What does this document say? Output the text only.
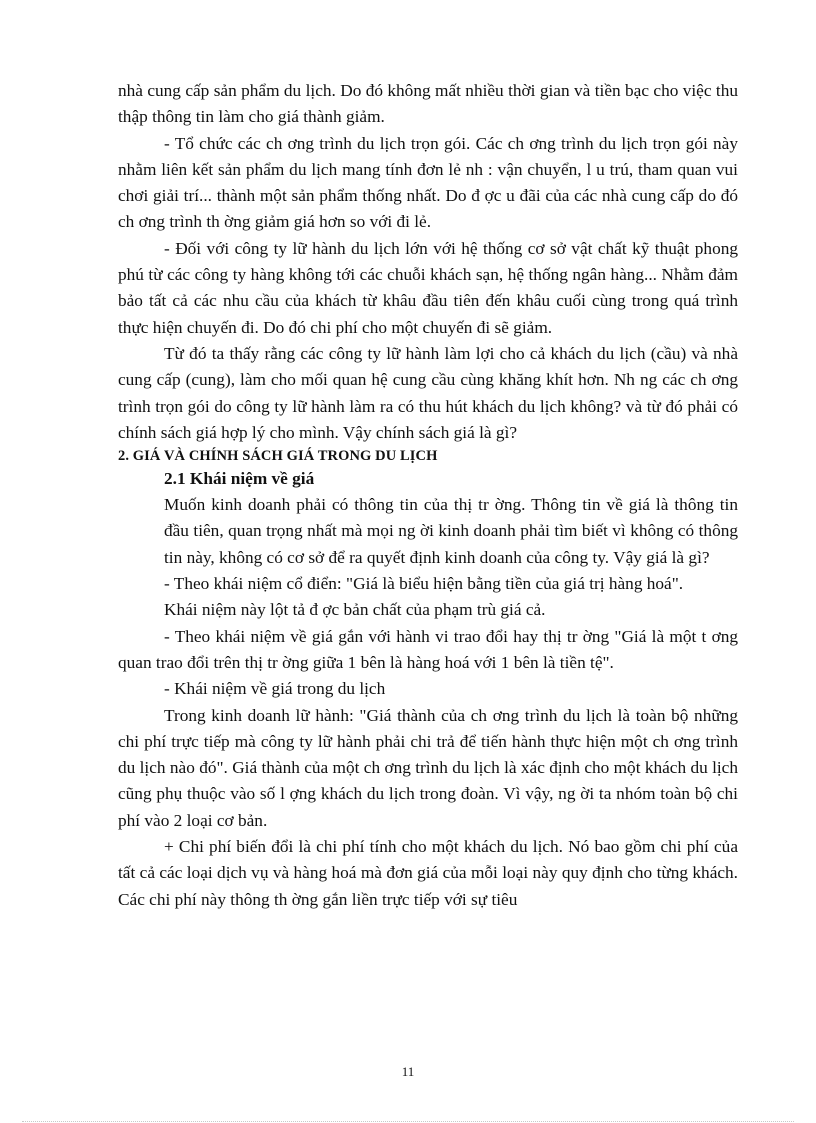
nhà cung cấp sản phẩm du lịch. Do đó không mất nhiều thời gian và tiền bạc cho việc thu thập thông tin làm cho giá thành giảm.

- Tổ chức các ch ơng trình du lịch trọn gói. Các ch ơng trình du lịch trọn gói này nhằm liên kết sản phẩm du lịch mang tính đơn lẻ nh : vận chuyển, l u trú, tham quan vui chơi giải trí... thành một sản phẩm thống nhất. Do đ ợc u đãi của các nhà cung cấp do đó ch ơng trình th ờng giảm giá hơn so với đi lẻ.

- Đối với công ty lữ hành du lịch lớn với hệ thống cơ sở vật chất kỹ thuật phong phú từ các công ty hàng không tới các chuỗi khách sạn, hệ thống ngân hàng... Nhằm đảm bảo tất cả các nhu cầu của khách từ khâu đầu tiên đến khâu cuối cùng trong quá trình thực hiện chuyến đi. Do đó chi phí cho một chuyến đi sẽ giảm.

Từ đó ta thấy rằng các công ty lữ hành làm lợi cho cả khách du lịch (cầu) và nhà cung cấp (cung), làm cho mối quan hệ cung cầu cùng khăng khít hơn. Nh ng các ch ơng trình trọn gói do công ty lữ hành làm ra có thu hút khách du lịch không? và từ đó phải có chính sách giá hợp lý cho mình. Vậy chính sách giá là gì?

2. GIÁ VÀ CHÍNH SÁCH GIÁ TRONG DU LỊCH

2.1 Khái niệm về giá

Muốn kinh doanh phải có thông tin của thị tr ờng. Thông tin về giá là thông tin đầu tiên, quan trọng nhất mà mọi ng ời kinh doanh phải tìm biết vì không có thông tin này, không có cơ sở để ra quyết định kinh doanh của công ty. Vậy giá là gì?

- Theo khái niệm cổ điển: "Giá là biểu hiện bằng tiền của giá trị hàng hoá".

Khái niệm này lột tả đ ợc bản chất của phạm trù giá cả.

- Theo khái niệm về giá gắn với hành vi trao đổi hay thị tr ờng "Giá là một t ơng quan trao đổi trên thị tr ờng giữa 1 bên là hàng hoá với 1 bên là tiền tệ".

- Khái niệm về giá trong du lịch

Trong kinh doanh lữ hành: "Giá thành của ch ơng trình du lịch là toàn bộ những chi phí trực tiếp mà công ty lữ hành phải chi trả để tiến hành thực hiện một ch ơng trình du lịch nào đó". Giá thành của một ch ơng trình du lịch là xác định cho một khách du lịch cũng phụ thuộc vào số l ợng khách du lịch trong đoàn. Vì vậy, ng ời ta nhóm toàn bộ chi phí vào 2 loại cơ bản.

+ Chi phí biến đổi là chi phí tính cho một khách du lịch. Nó bao gồm chi phí của tất cả các loại dịch vụ và hàng hoá mà đơn giá của mỗi loại này quy định cho từng khách. Các chi phí này thông th ờng gắn liền trực tiếp với sự tiêu

11
